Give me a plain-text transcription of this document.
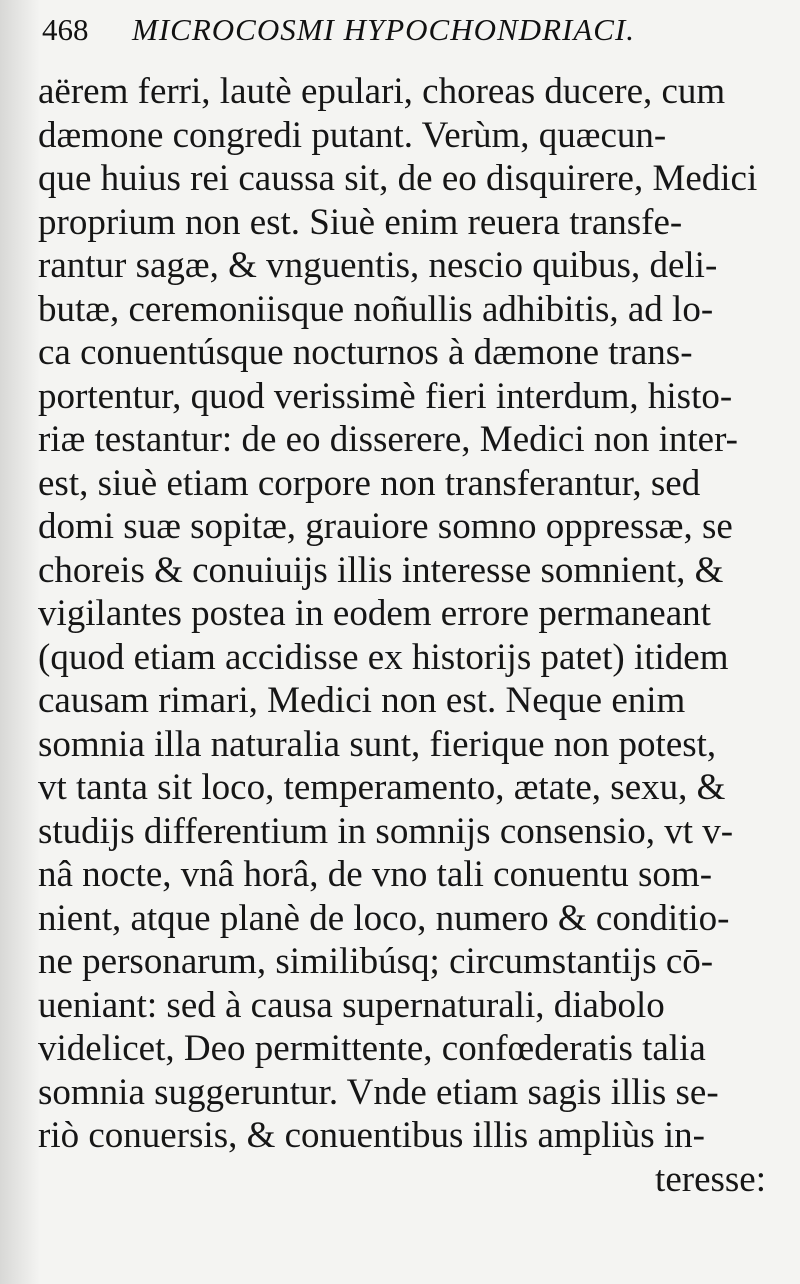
468 MICROCOSMI HYPOCHONDRIACI.
aërem ferri, lautè epulari, choreas ducere, cum
dæmone congredi putant. Verùm, quæcun-
que huius rei caussa sit, de eo disquirere, Medici
proprium non est. Siuè enim reuera transfe-
rantur sagæ, & vnguentis, nescio quibus, deli-
butæ, ceremoniisque noñullis adhibitis, ad lo-
ca conuentúsque nocturnos à dæmone trans-
portentur, quod verissimè fieri interdum, histo-
riæ testantur: de eo disserere, Medici non inter-
est, siuè etiam corpore non transferantur, sed
domi suæ sopitæ, grauiore somno oppressæ, se
choreis & conuiuijs illis interesse somnient, &
vigilantes postea in eodem errore permaneant
(quod etiam accidisse ex historijs patet) itidem
causam rimari, Medici non est. Neque enim
somnia illa naturalia sunt, fierique non potest,
vt tanta sit loco, temperamento, ætate, sexu, &
studijs differentium in somnijs consensio, vt v-
nâ nocte, vnâ horâ, de vno tali conuentu som-
nient, atque planè de loco, numero & conditio-
ne personarum, similibúsq; circumstantijs cō-
ueniant: sed à causa supernaturali, diabolo
videlicet, Deo permittente, confœderatis talia
somnia suggeruntur. Vnde etiam sagis illis se-
riò conuersis, & conuentibus illis ampliùs in-
teresse:
